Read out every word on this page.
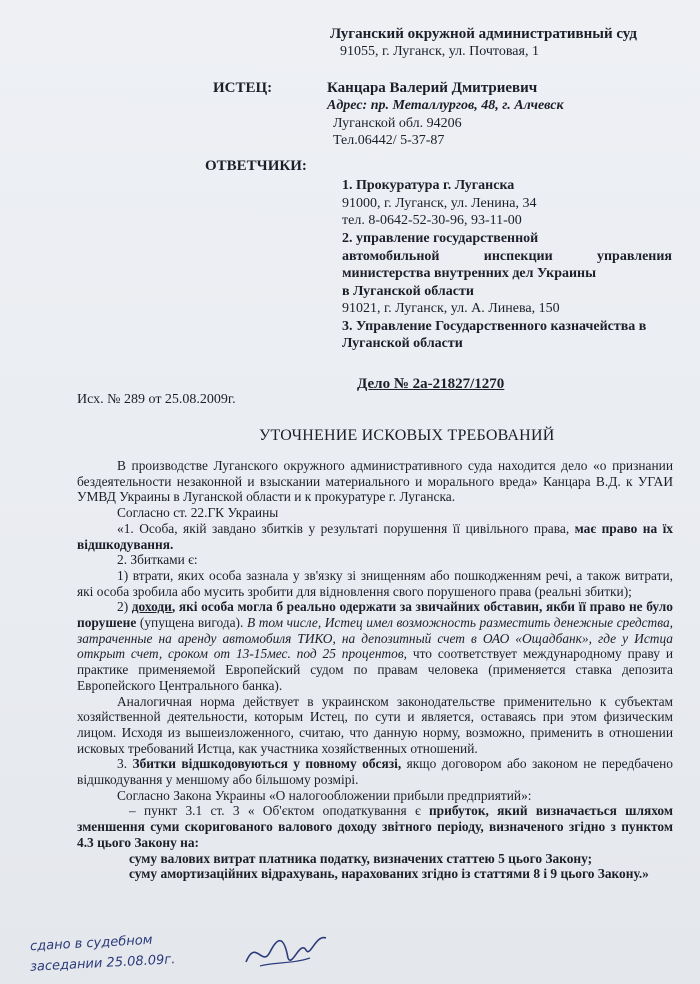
Луганский окружной административный суд
91055, г. Луганск, ул. Почтовая, 1
ИСТЕЦ:	Канцара Валерий Дмитриевич
Адрес: пр. Металлургов, 48, г. Алчевск
Луганской обл. 94206
Тел.06442/ 5-37-87
ОТВЕТЧИКИ:
1. Прокуратура г. Луганска
91000, г. Луганск, ул. Ленина, 34
тел. 8-0642-52-30-96, 93-11-00
2. управление государственной
автомобильной инспекции управления
министерства внутренних дел Украины
в Луганской области
91021, г. Луганск, ул. А. Линева, 150
3. Управление Государственного казначейства в
Луганской области
Дело № 2а-21827/1270
Исх. № 289 от 25.08.2009г.
УТОЧНЕНИЕ ИСКОВЫХ ТРЕБОВАНИЙ

В производстве Луганского окружного административного суда находится дело «о признании бездеятельности незаконной и взыскании материального и морального вреда» Канцара В.Д. к УГАИ УМВД Украины в Луганской области и к прокуратуре г. Луганска.

Согласно ст. 22.ГК Украины

«1. Особа, якій завдано збитків у результаті порушення її цивільного права, має право на їх відшкодування.

2. Збитками є:

1) втрати, яких особа зазнала у зв'язку зі знищенням або пошкодженням речі, а також витрати, які особа зробила або мусить зробити для відновлення свого порушеного права (реальні збитки);

2) доходи, які особа могла б реально одержати за звичайних обставин, якби її право не було порушене (упущена вигода). В том числе, Истец имел возможность разместить денежные средства, затраченные на аренду автомобиля ТИКО, на депозитный счет в ОАО «Ощадбанк», где у Истца открыт счет, сроком от 13-15мес. под 25 процентов, что соответствует международному праву и практике применяемой Европейский судом по правам человека (применяется ставка депозита Европейского Центрального банка).

Аналогичная норма действует в украинском законодательстве применительно к субъектам хозяйственной деятельности, которым Истец, по сути и является, оставаясь при этом физическим лицом. Исходя из вышеизложенного, считаю, что данную норму, возможно, применить в отношении исковых требований Истца, как участника хозяйственных отношений.

3. Збитки відшкодовуються у повному обсязі, якщо договором або законом не передбачено відшкодування у меншому або більшому розмірі.

Согласно Закона Украины «О налогообложении прибыли предприятий»:

– пункт 3.1 ст. 3 « Об'єктом оподаткування є прибуток, який визначається шляхом зменшення суми скоригованого валового доходу звітного періоду, визначеного згідно з пунктом 4.3 цього Закону на:

суму валових витрат платника податку, визначених статтею 5 цього Закону;

суму амортизаційних відрахувань, нарахованих згідно із статтями 8 і 9 цього Закону.»

сдано в судебном
заседании 25.08.09г.
